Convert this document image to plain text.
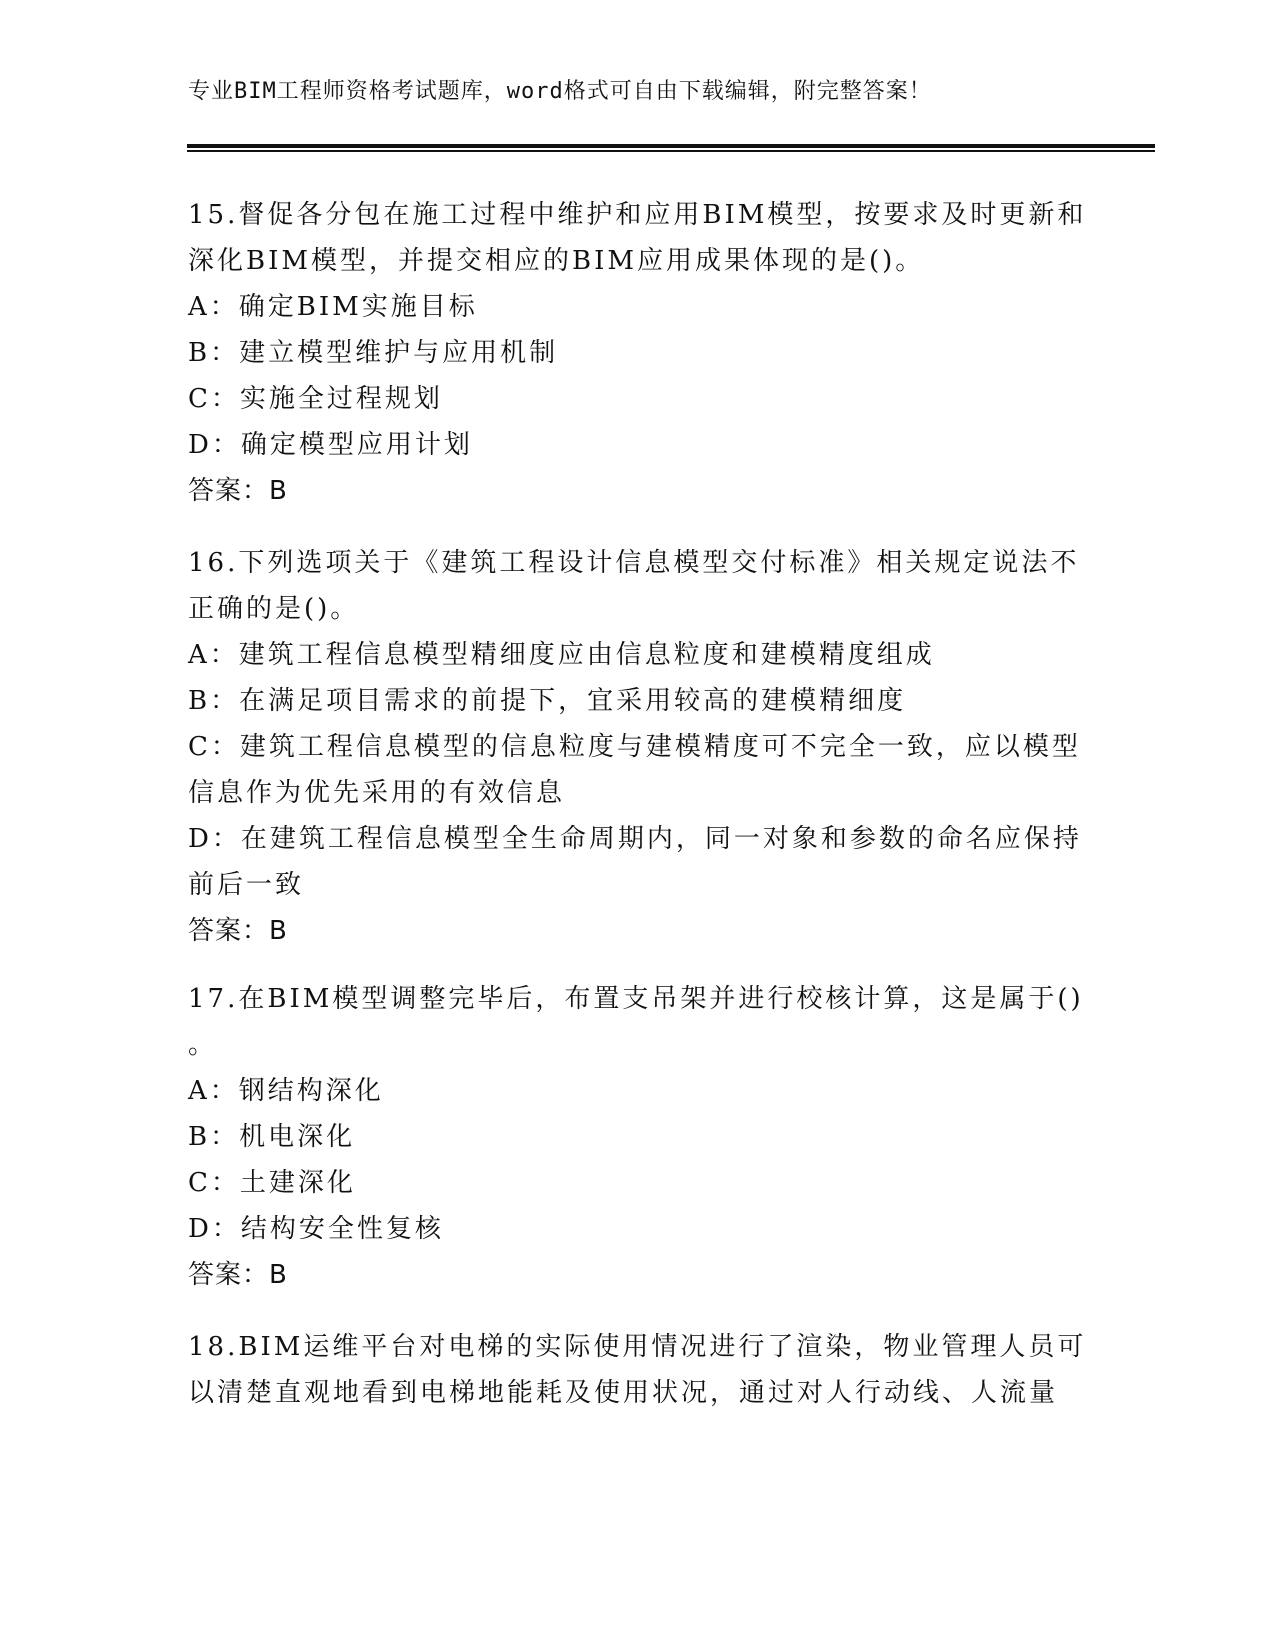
专业BIM工程师资格考试题库，word格式可自由下载编辑，附完整答案！
15.督促各分包在施工过程中维护和应用BIM模型，按要求及时更新和
深化BIM模型，并提交相应的BIM应用成果体现的是()。
A：确定BIM实施目标
B：建立模型维护与应用机制
C：实施全过程规划
D：确定模型应用计划
答案：B
16.下列选项关于《建筑工程设计信息模型交付标准》相关规定说法不
正确的是()。
A：建筑工程信息模型精细度应由信息粒度和建模精度组成
B：在满足项目需求的前提下，宜采用较高的建模精细度
C：建筑工程信息模型的信息粒度与建模精度可不完全一致，应以模型
信息作为优先采用的有效信息
D：在建筑工程信息模型全生命周期内，同一对象和参数的命名应保持
前后一致
答案：B
17.在BIM模型调整完毕后，布置支吊架并进行校核计算，这是属于()
。
A：钢结构深化
B：机电深化
C：土建深化
D：结构安全性复核
答案：B
18.BIM运维平台对电梯的实际使用情况进行了渲染，物业管理人员可
以清楚直观地看到电梯地能耗及使用状况，通过对人行动线、人流量
